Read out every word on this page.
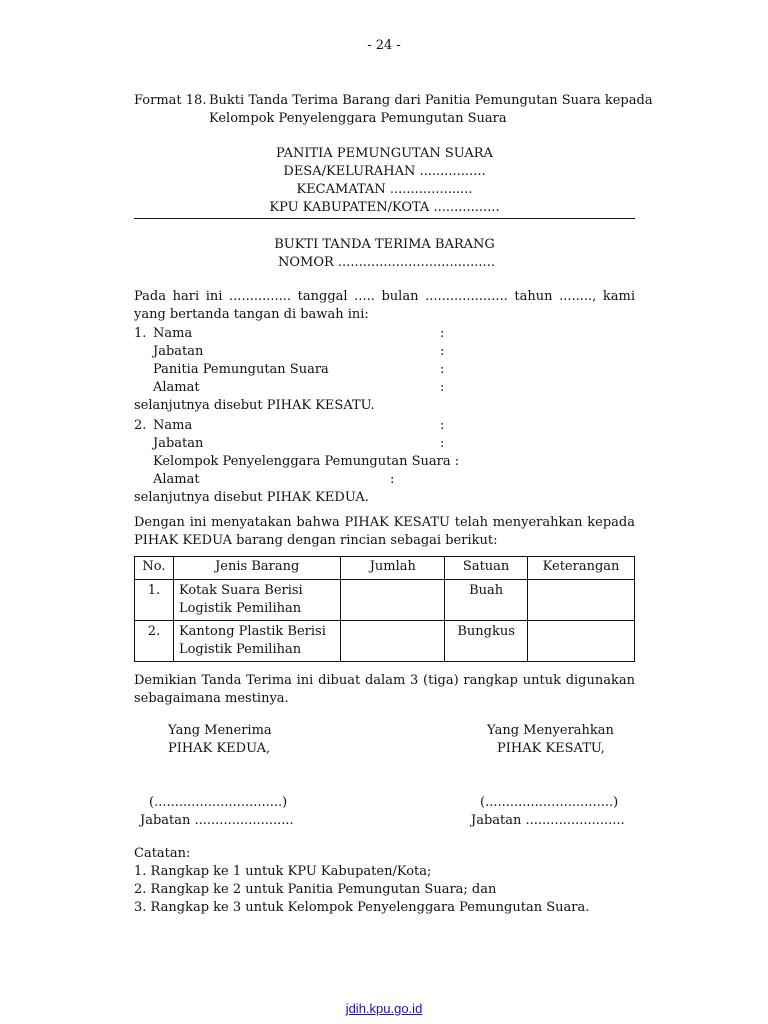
- 24 -
Format 18. Bukti Tanda Terima Barang dari Panitia Pemungutan Suara kepada
Kelompok Penyelenggara Pemungutan Suara
PANITIA PEMUNGUTAN SUARA
DESA/KELURAHAN ................
KECAMATAN ....................
KPU KABUPATEN/KOTA ................
BUKTI TANDA TERIMA BARANG
NOMOR ......................................
Pada hari ini ............... tanggal ..... bulan .................... tahun ........, kami yang bertanda tangan di bawah ini:
1. Nama	:
Jabatan	:
Panitia Pemungutan Suara	:
Alamat	:
selanjutnya disebut PIHAK KESATU.
2. Nama	:
Jabatan	:
Kelompok Penyelenggara Pemungutan Suara :
Alamat	:
selanjutnya disebut PIHAK KEDUA.
Dengan ini menyatakan bahwa PIHAK KESATU telah menyerahkan kepada PIHAK KEDUA barang dengan rincian sebagai berikut:
No.	Jenis Barang	Jumlah	Satuan	Keterangan
1.	Kotak Suara Berisi
Logistik Pemilihan		Buah	
2.	Kantong Plastik Berisi
Logistik Pemilihan		Bungkus	
Demikian Tanda Terima ini dibuat dalam 3 (tiga) rangkap untuk digunakan sebagaimana mestinya.
Yang Menerima
PIHAK KEDUA,
Yang Menyerahkan
PIHAK KESATU,
(...............................)
Jabatan ........................
(...............................)
Jabatan ........................
Catatan:
1. Rangkap ke 1 untuk KPU Kabupaten/Kota;
2. Rangkap ke 2 untuk Panitia Pemungutan Suara; dan
3. Rangkap ke 3 untuk Kelompok Penyelenggara Pemungutan Suara.
jdih.kpu.go.id
